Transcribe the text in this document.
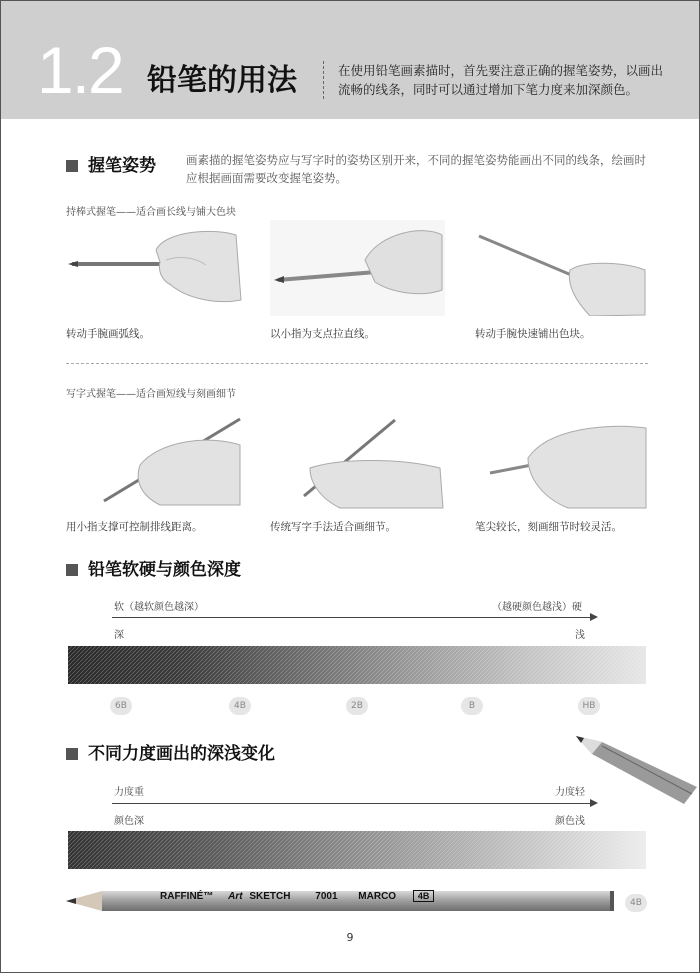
1.2 铅笔的用法	在使用铅笔画素描时，首先要注意正确的握笔姿势，以画出流畅的线条，同时可以通过增加下笔力度来加深颜色。
握笔姿势	画素描的握笔姿势应与写字时的姿势区别开来，不同的握笔姿势能画出不同的线条，绘画时应根据画面需要改变握笔姿势。
持棒式握笔——适合画长线与铺大色块
转动手腕画弧线。	以小指为支点拉直线。	转动手腕快速铺出色块。
写字式握笔——适合画短线与刻画细节
用小指支撑可控制排线距离。	传统写字手法适合画细节。	笔尖较长，刻画细节时较灵活。
铅笔软硬与颜色深度
软（越软颜色越深）	（越硬颜色越浅）硬
深	浅
6B	4B	2B	B	HB
不同力度画出的深浅变化
力度重	力度轻
颜色深	颜色浅
RAFFINÉ™ Art SKETCH 7001 MARCO 4B
4B
9
